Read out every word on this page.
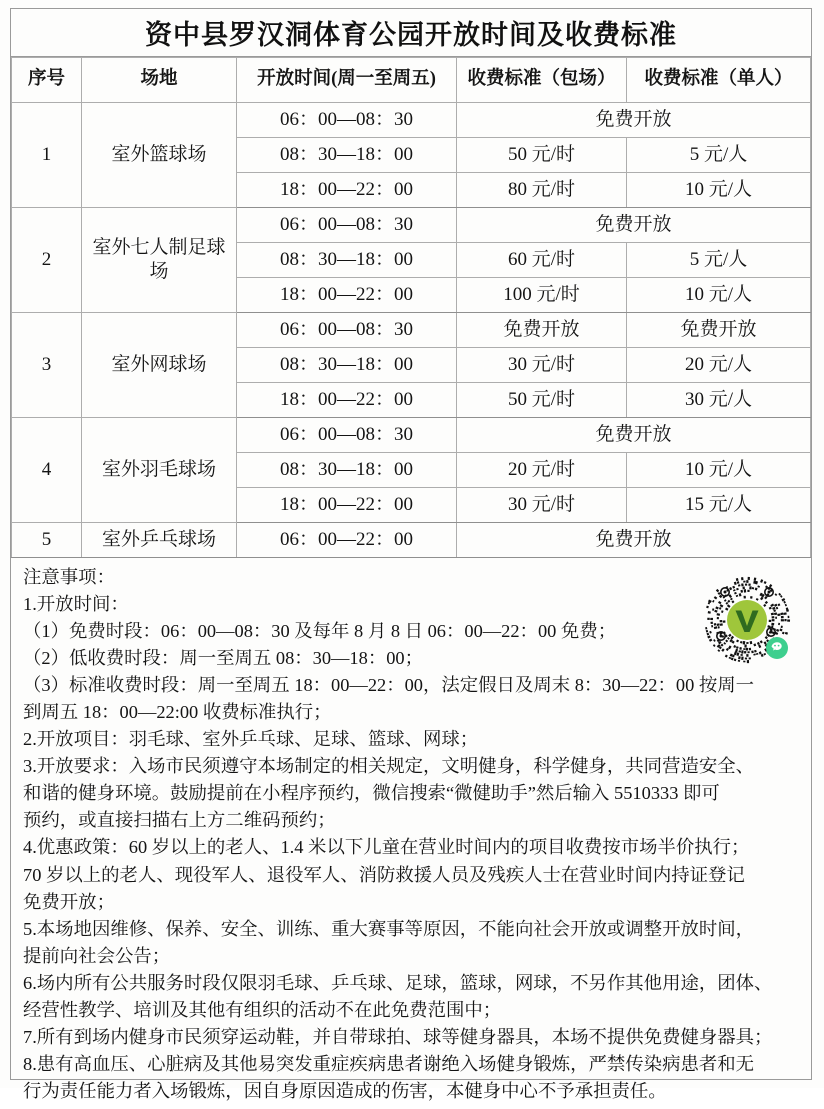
资中县罗汉洞体育公园开放时间及收费标准
序号	场地	开放时间(周一至周五)	收费标准（包场）	收费标准（单人）
1	室外篮球场	06：00—08：30	免费开放	
		08：30—18：00	50 元/时	5 元/人
		18：00—22：00	80 元/时	10 元/人
2	室外七人制足球场	06：00—08：30	免费开放	
		08：30—18：00	60 元/时	5 元/人
		18：00—22：00	100 元/时	10 元/人
3	室外网球场	06：00—08：30	免费开放	免费开放
		08：30—18：00	30 元/时	20 元/人
		18：00—22：00	50 元/时	30 元/人
4	室外羽毛球场	06：00—08：30	免费开放	
		08：30—18：00	20 元/时	10 元/人
		18：00—22：00	30 元/时	15 元/人
5	室外乒乓球场	06：00—22：00	免费开放	

注意事项：

1.开放时间：

（1）免费时段：06：00—08：30 及每年 8 月 8 日 06：00—22：00 免费；

（2）低收费时段：周一至周五 08：30—18：00；

（3）标准收费时段：周一至周五 18：00—22：00，法定假日及周末 8：30—22：00 按周一

到周五 18：00—22:00 收费标准执行；

2.开放项目：羽毛球、室外乒乓球、足球、篮球、网球；

3.开放要求：入场市民须遵守本场制定的相关规定，文明健身，科学健身，共同营造安全、

和谐的健身环境。鼓励提前在小程序预约，微信搜索“微健助手”然后输入 5510333 即可

预约，或直接扫描右上方二维码预约；

4.优惠政策：60 岁以上的老人、1.4 米以下儿童在营业时间内的项目收费按市场半价执行；

70 岁以上的老人、现役军人、退役军人、消防救援人员及残疾人士在营业时间内持证登记

免费开放；

5.本场地因维修、保养、安全、训练、重大赛事等原因，不能向社会开放或调整开放时间，

提前向社会公告；

6.场内所有公共服务时段仅限羽毛球、乒乓球、足球，篮球，网球，不另作其他用途，团体、

经营性教学、培训及其他有组织的活动不在此免费范围中；

7.所有到场内健身市民须穿运动鞋，并自带球拍、球等健身器具，本场不提供免费健身器具；

8.患有高血压、心脏病及其他易突发重症疾病患者谢绝入场健身锻炼，严禁传染病患者和无

行为责任能力者入场锻炼，因自身原因造成的伤害，本健身中心不予承担责任。
